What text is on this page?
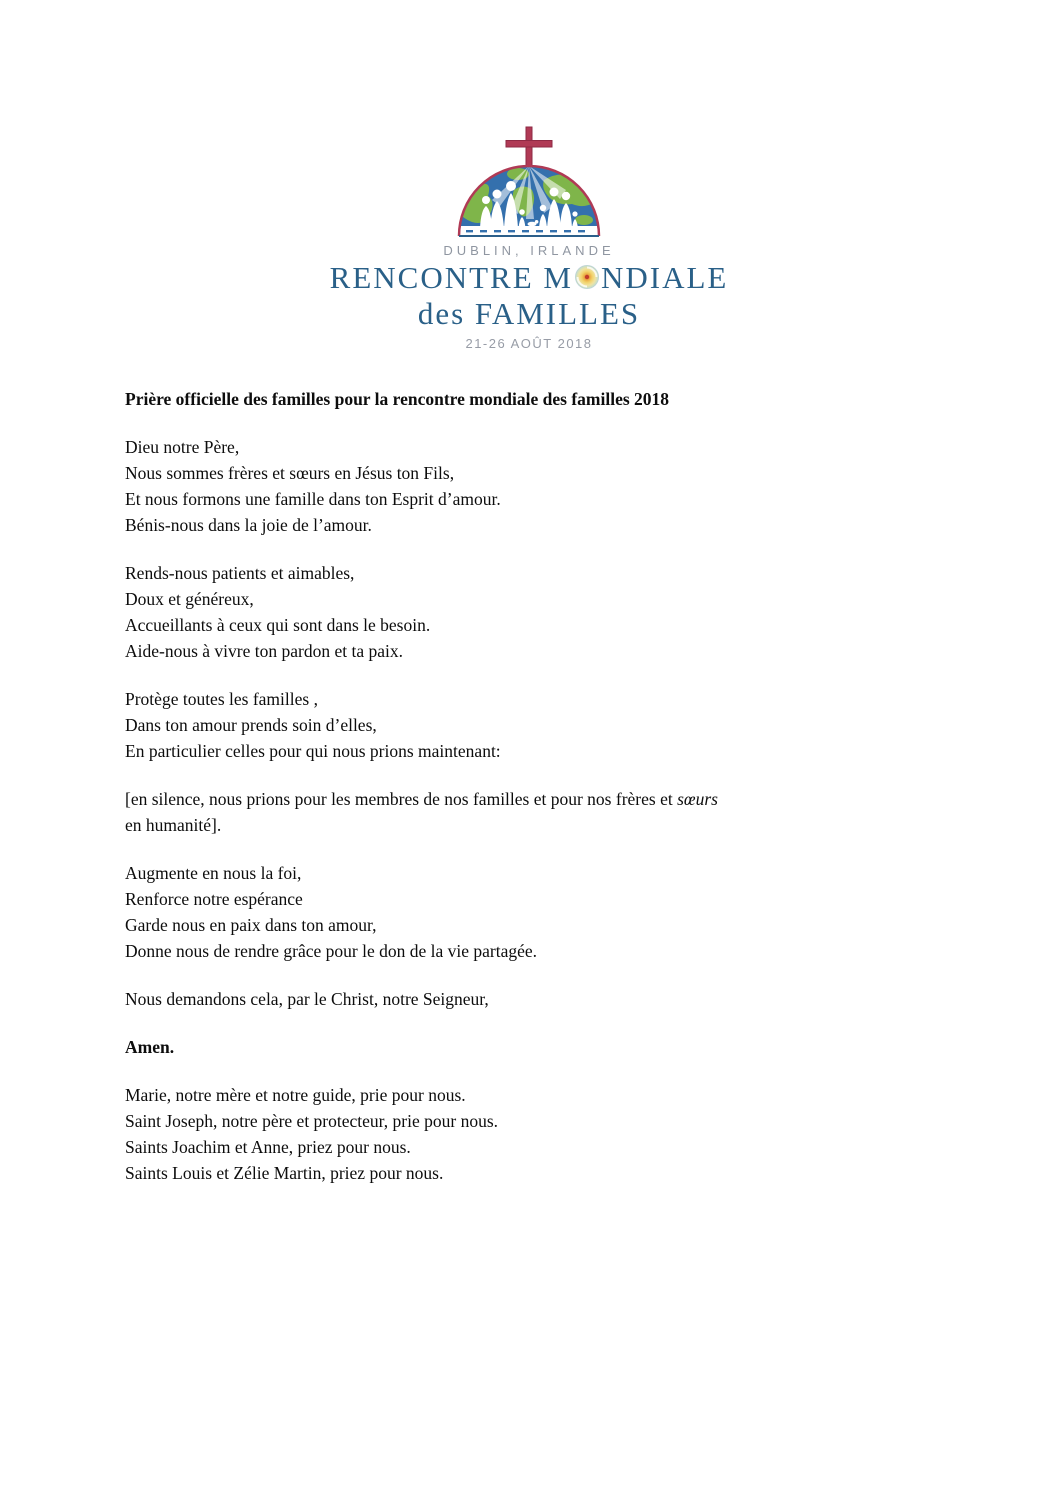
DUBLIN, IRLANDE
RENCONTRE M NDIALE
des FAMILLES
21-26 AOÛT 2018
Prière officielle des familles pour la rencontre mondiale des familles 2018

Dieu notre Père,
Nous sommes frères et sœurs en Jésus ton Fils,
Et nous formons une famille dans ton Esprit d’amour.
Bénis-nous dans la joie de l’amour.

Rends-nous patients et aimables,
Doux et généreux,
Accueillants à ceux qui sont dans le besoin.
Aide-nous à vivre ton pardon et ta paix.

Protège toutes les familles ,
Dans ton amour prends soin d’elles,
En particulier celles pour qui nous prions maintenant:

[en silence, nous prions pour les membres de nos familles et pour nos frères et sœurs
en humanité].

Augmente en nous la foi,
Renforce notre espérance
Garde nous en paix dans ton amour,
Donne nous de rendre grâce pour le don de la vie partagée.

Nous demandons cela, par le Christ, notre Seigneur,

Amen.

Marie, notre mère et notre guide, prie pour nous.
Saint Joseph, notre père et protecteur, prie pour nous.
Saints Joachim et Anne, priez pour nous.
Saints Louis et Zélie Martin, priez pour nous.
